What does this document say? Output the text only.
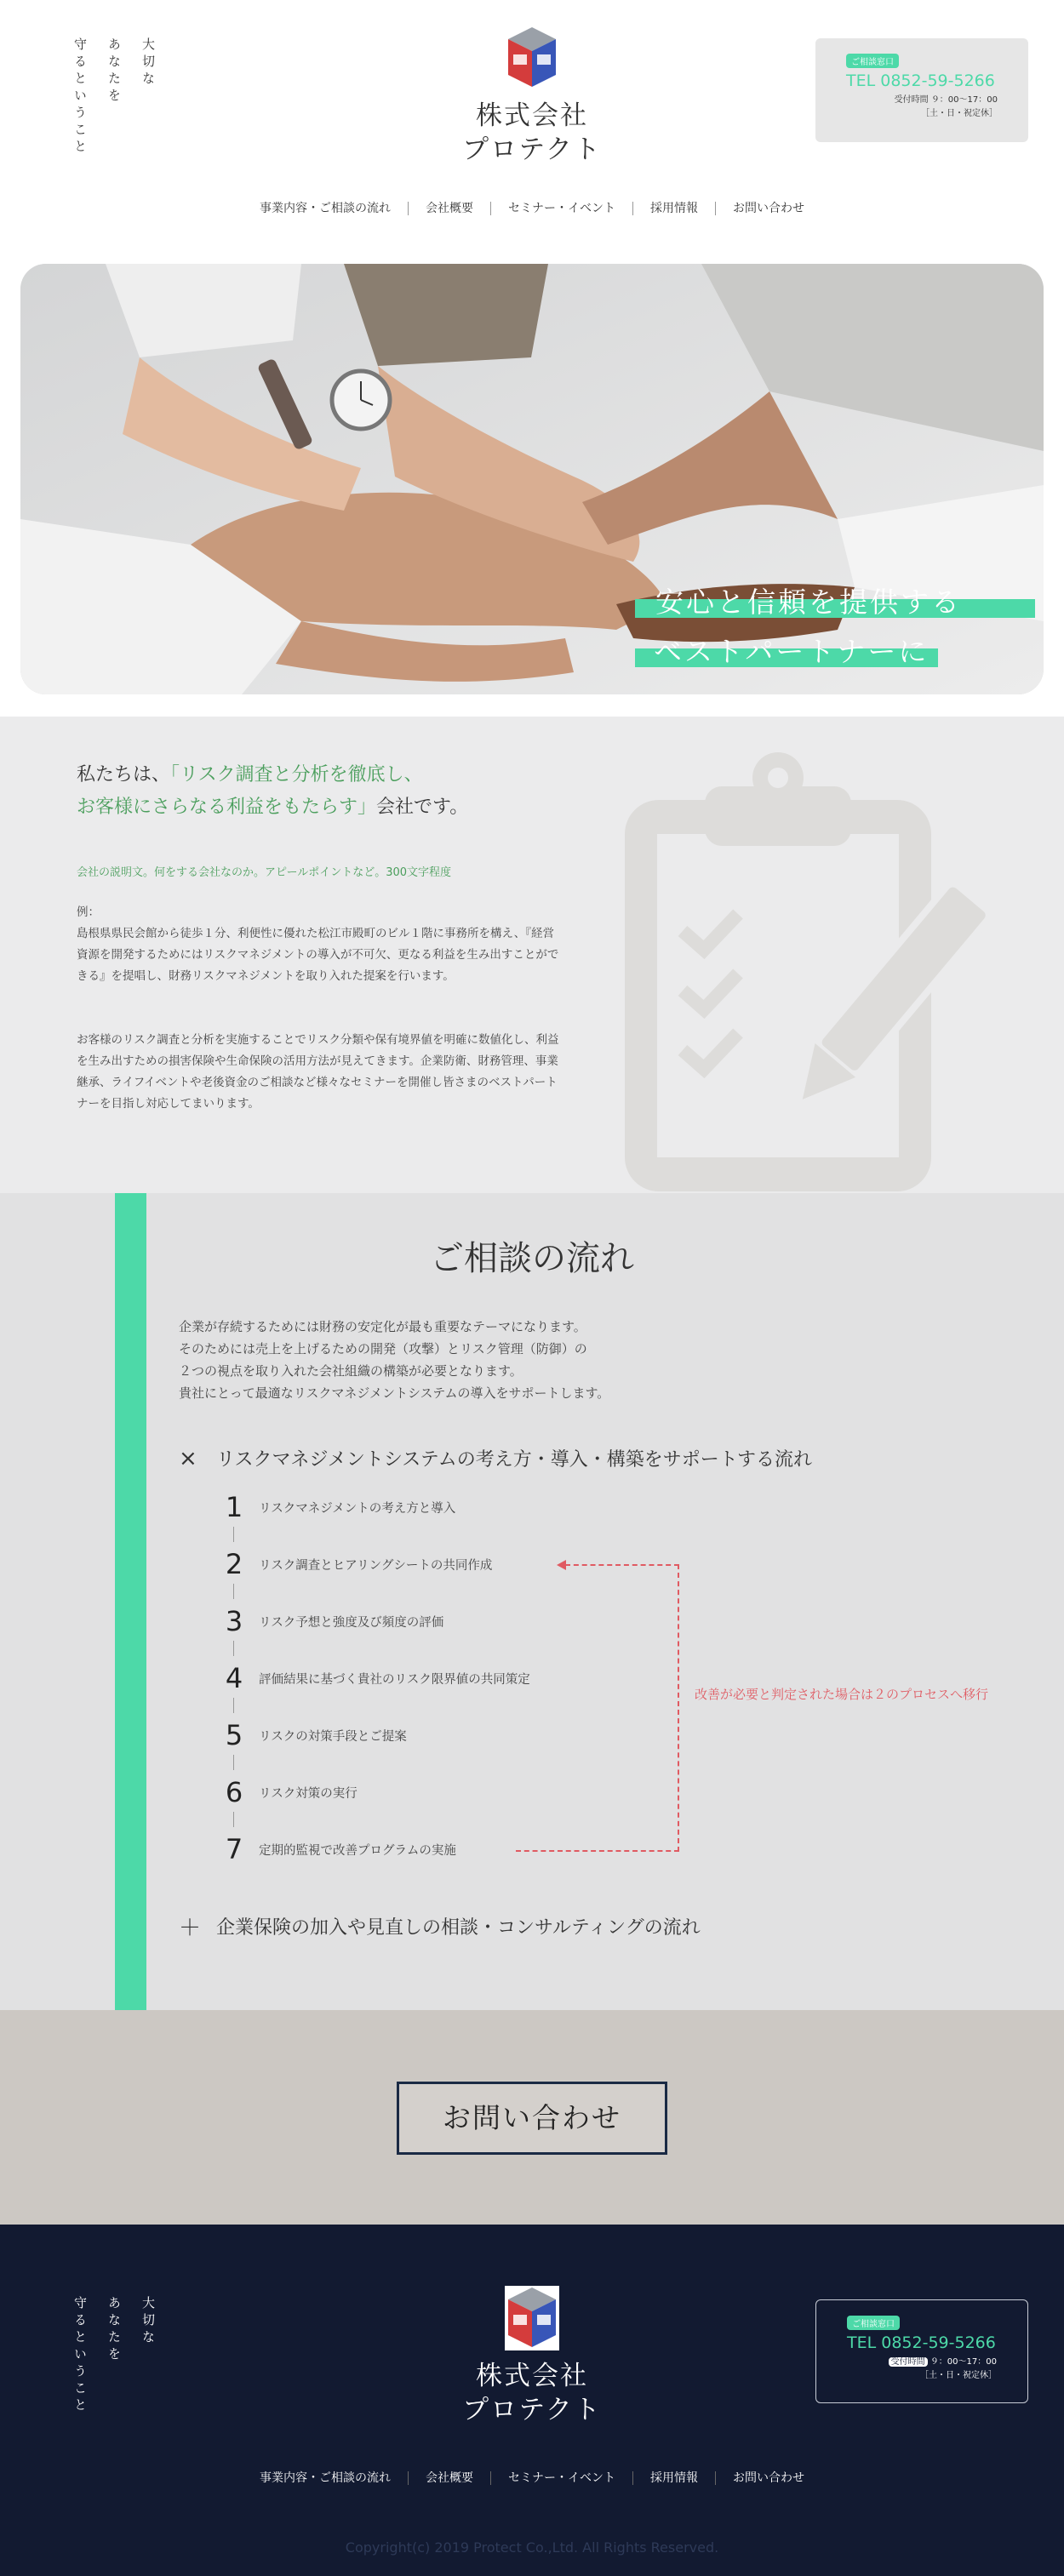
守るということ あなたを 大切な
株式会社
プロテクト
ご相談窓口
TEL 0852-59-5266
受付時間 ９：00〜17：00
［土・日・祝定休］
事業内容・ご相談の流れ	会社概要	セミナー・イベント	採用情報	お問い合わせ
安心と信頼を提供する
ベストパートナーに
私たちは、「リスク調査と分析を徹底し、
お客様にさらなる利益をもたらす」会社です。
会社の説明文。何をする会社なのか。アピールポイントなど。300文字程度
例：
島根県県民会館から徒歩１分、利便性に優れた松江市殿町のビル１階に事務所を構え、『経営資源を開発するためにはリスクマネジメントの導入が不可欠、更なる利益を生み出すことができる』を提唱し、財務リスクマネジメントを取り入れた提案を行います。
お客様のリスク調査と分析を実施することでリスク分類や保有境界値を明確に数値化し、利益を生み出すための損害保険や生命保険の活用方法が見えてきます。企業防衛、財務管理、事業継承、ライフイベントや老後資金のご相談など様々なセミナーを開催し皆さまのベストパートナーを目指し対応してまいります。
ご相談の流れ
企業が存続するためには財務の安定化が最も重要なテーマになります。
そのためには売上を上げるための開発（攻撃）とリスク管理（防御）の
２つの視点を取り入れた会社組織の構築が必要となります。
貴社にとって最適なリスクマネジメントシステムの導入をサポートします。
× リスクマネジメントシステムの考え方・導入・構築をサポートする流れ
1	リスクマネジメントの考え方と導入
2	リスク調査とヒアリングシートの共同作成
3	リスク予想と強度及び頻度の評価
4	評価結果に基づく貴社のリスク限界値の共同策定
5	リスクの対策手段とご提案
6	リスク対策の実行
7	定期的監視で改善プログラムの実施
改善が必要と判定された場合は２のプロセスへ移行
＋ 企業保険の加入や見直しの相談・コンサルティングの流れ
お問い合わせ
守るということ あなたを 大切な
株式会社
プロテクト
ご相談窓口
TEL 0852-59-5266
受付時間 ９：00〜17：00
［土・日・祝定休］
事業内容・ご相談の流れ	会社概要	セミナー・イベント	採用情報	お問い合わせ
Copyright(c) 2019 Protect Co.,Ltd. All Rights Reserved.
